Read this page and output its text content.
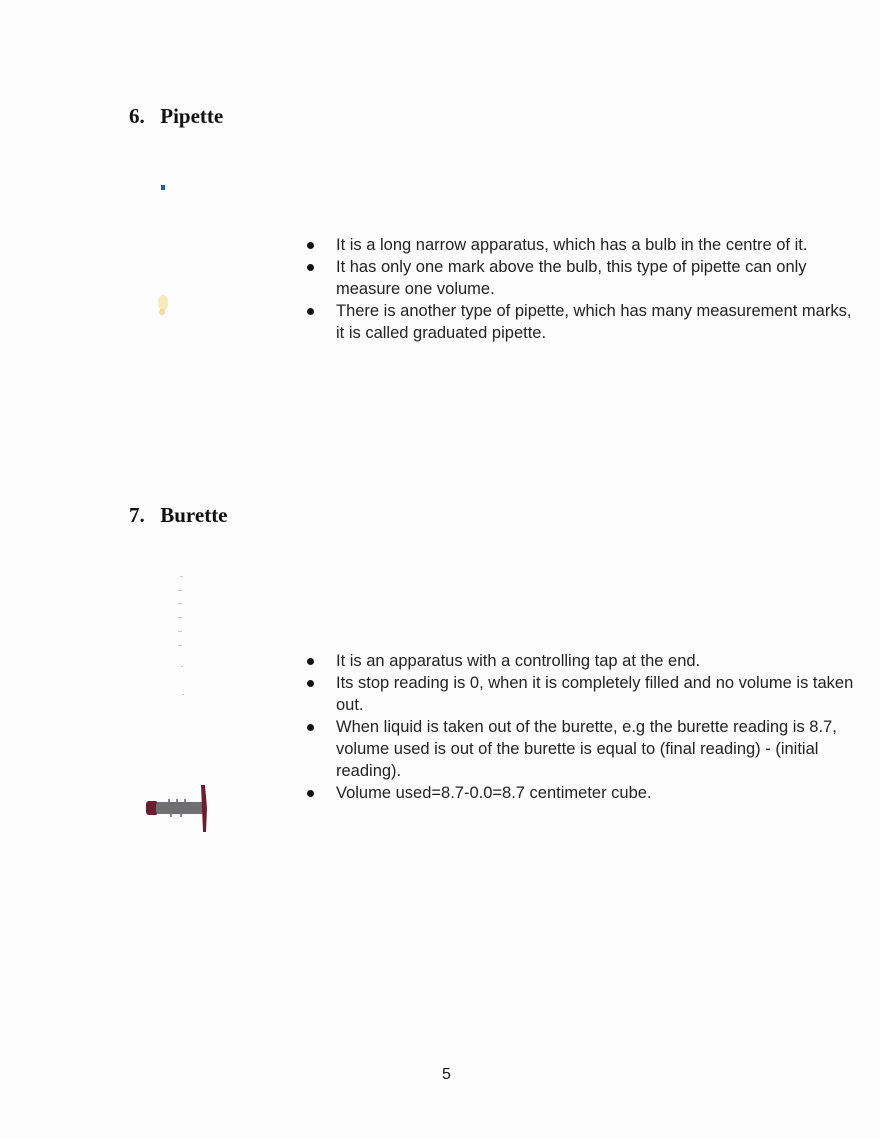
6. Pipette
It is a long narrow apparatus, which has a bulb in the centre of it.
It has only one mark above the bulb, this type of pipette can only measure one volume.
There is another type of pipette, which has many measurement marks, it is called graduated pipette.
7. Burette
It is an apparatus with a controlling tap at the end.
Its stop reading is 0, when it is completely filled and no volume is taken out.
When liquid is taken out of the burette, e.g the burette reading is 8.7, volume used is out of the burette is equal to (final reading) - (initial reading).
Volume used=8.7-0.0=8.7 centimeter cube.
5
